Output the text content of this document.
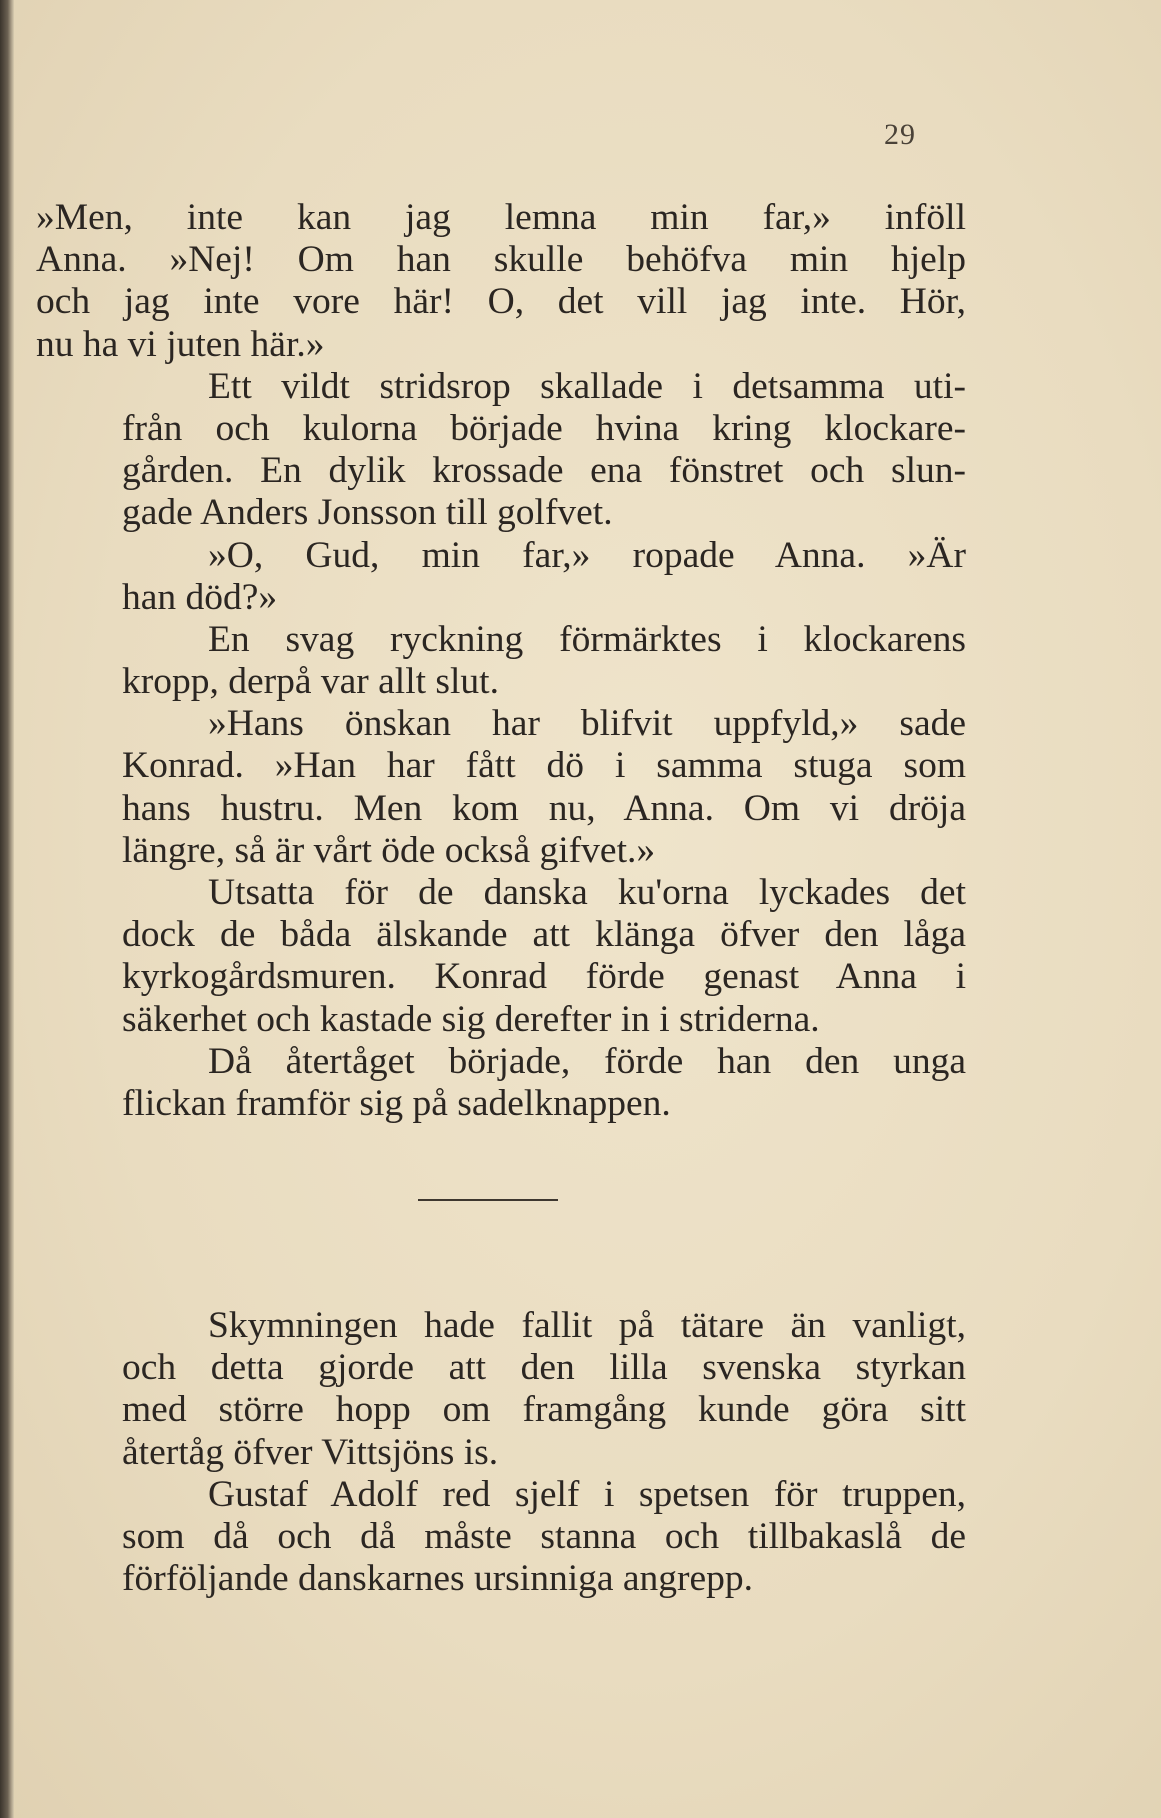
29
»Men, inte kan jag lemna min far,» inföll
Anna. »Nej! Om han skulle behöfva min hjelp
och jag inte vore här! O, det vill jag inte. Hör,
nu ha vi juten här.»
Ett vildt stridsrop skallade i detsamma uti-
från och kulorna började hvina kring klockare-
gården. En dylik krossade ena fönstret och slun-
gade Anders Jonsson till golfvet.
»O, Gud, min far,» ropade Anna. »Är
han död?»
En svag ryckning förmärktes i klockarens
kropp, derpå var allt slut.
»Hans önskan har blifvit uppfyld,» sade
Konrad. »Han har fått dö i samma stuga som
hans hustru. Men kom nu, Anna. Om vi dröja
längre, så är vårt öde också gifvet.»
Utsatta för de danska ku'orna lyckades det
dock de båda älskande att klänga öfver den låga
kyrkogårdsmuren. Konrad förde genast Anna i
säkerhet och kastade sig derefter in i striderna.
Då återtåget började, förde han den unga
flickan framför sig på sadelknappen.
Skymningen hade fallit på tätare än vanligt,
och detta gjorde att den lilla svenska styrkan
med större hopp om framgång kunde göra sitt
återtåg öfver Vittsjöns is.
Gustaf Adolf red sjelf i spetsen för truppen,
som då och då måste stanna och tillbakaslå de
förföljande danskarnes ursinniga angrepp.
